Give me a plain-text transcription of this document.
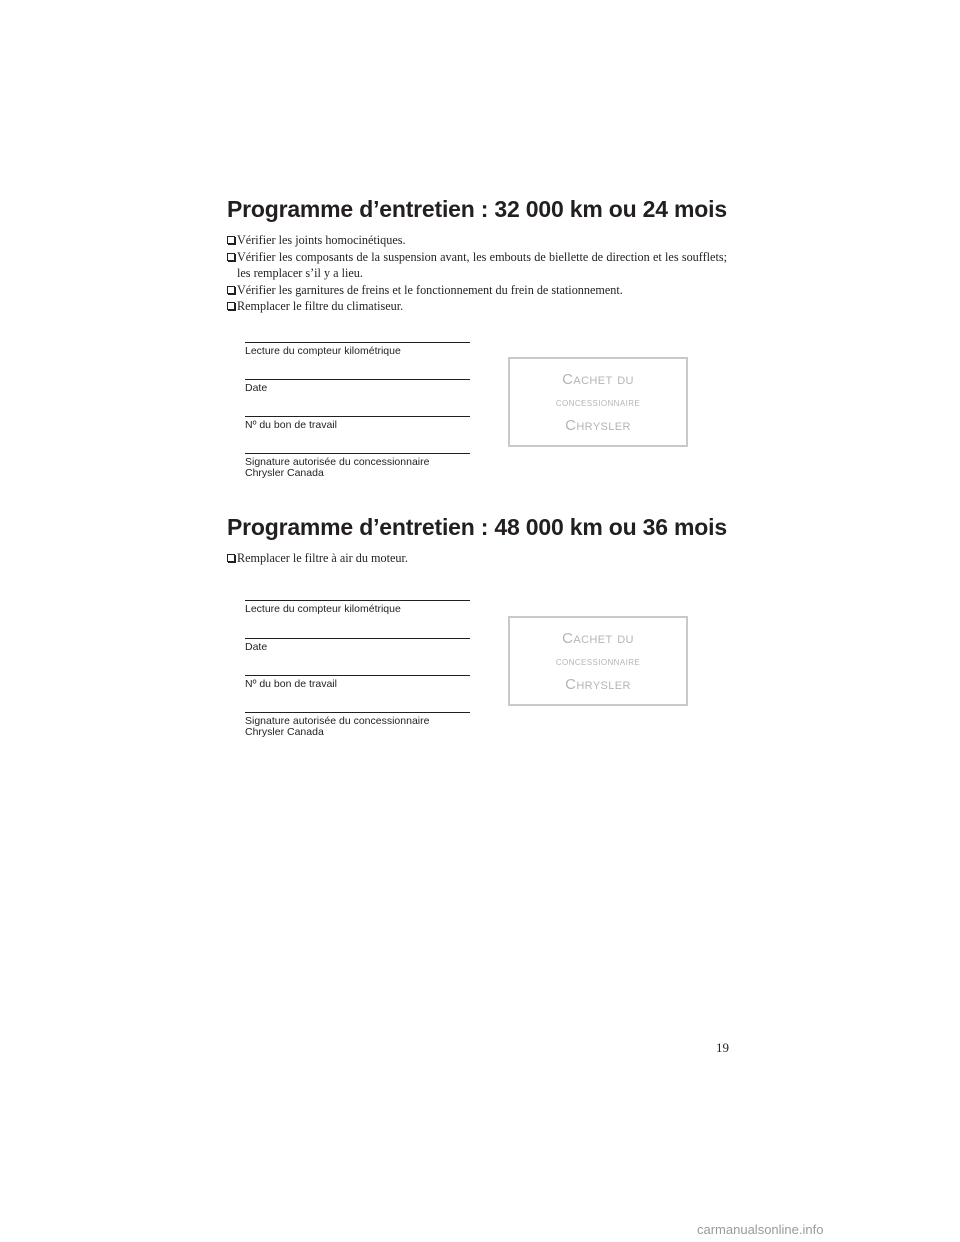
Programme d’entretien : 32 000 km ou 24 mois
Vérifier les joints homocinétiques.
Vérifier les composants de la suspension avant, les embouts de biellette de direction et les soufflets; les remplacer s’il y a lieu.
Vérifier les garnitures de freins et le fonctionnement du frein de stationnement.
Remplacer le filtre du climatiseur.
Lecture du compteur kilométrique
Date
Nº du bon de travail
Signature autorisée du concessionnaire
Chrysler Canada
Cachet du
concessionnaire
Chrysler
Programme d’entretien : 48 000 km ou 36 mois
Remplacer le filtre à air du moteur.
Lecture du compteur kilométrique
Date
Nº du bon de travail
Signature autorisée du concessionnaire
Chrysler Canada
Cachet du
concessionnaire
Chrysler
19
carmanualsonline.info
